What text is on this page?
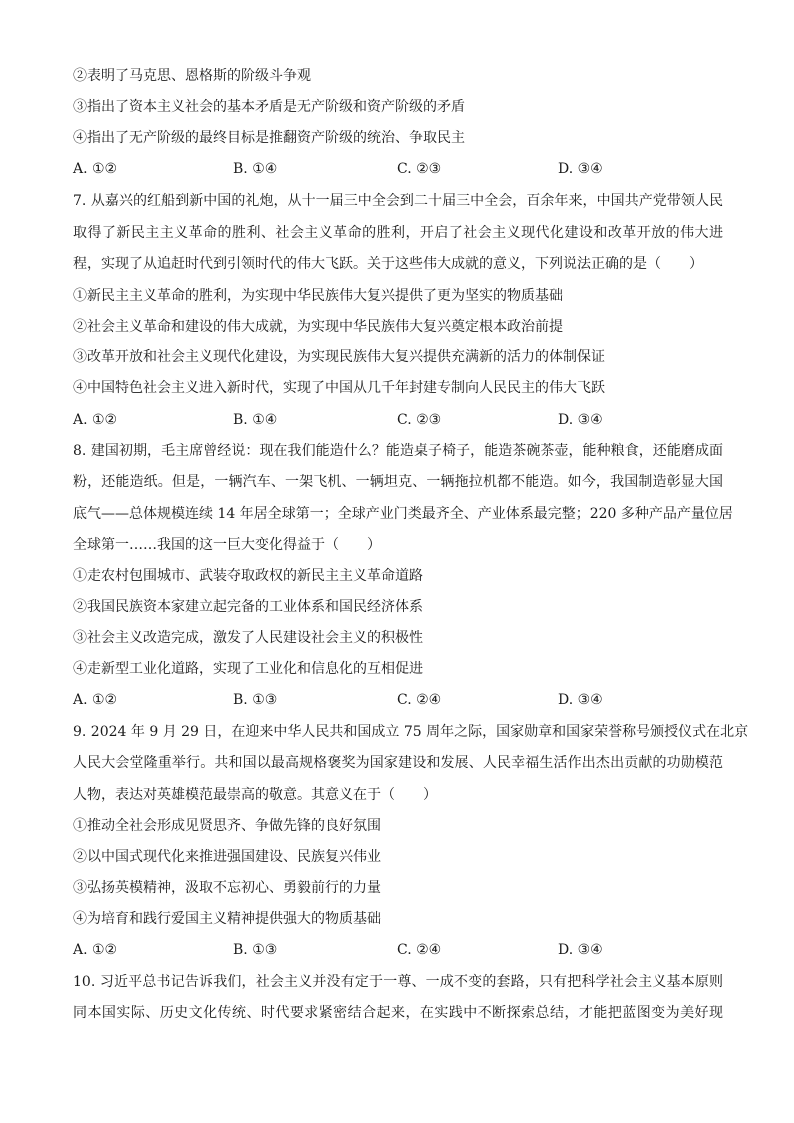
②表明了马克思、恩格斯的阶级斗争观
③指出了资本主义社会的基本矛盾是无产阶级和资产阶级的矛盾
④指出了无产阶级的最终目标是推翻资产阶级的统治、争取民主
A. ①②	B. ①④	C. ②③	D. ③④
7. 从嘉兴的红船到新中国的礼炮，从十一届三中全会到二十届三中全会，百余年来，中国共产党带领人民
取得了新民主主义革命的胜利、社会主义革命的胜利，开启了社会主义现代化建设和改革开放的伟大进
程，实现了从追赶时代到引领时代的伟大飞跃。关于这些伟大成就的意义，下列说法正确的是（　　）
①新民主主义革命的胜利，为实现中华民族伟大复兴提供了更为坚实的物质基础
②社会主义革命和建设的伟大成就，为实现中华民族伟大复兴奠定根本政治前提
③改革开放和社会主义现代化建设，为实现民族伟大复兴提供充满新的活力的体制保证
④中国特色社会主义进入新时代，实现了中国从几千年封建专制向人民民主的伟大飞跃
A. ①②	B. ①④	C. ②③	D. ③④
8. 建国初期，毛主席曾经说：现在我们能造什么？能造桌子椅子，能造茶碗茶壶，能种粮食，还能磨成面
粉，还能造纸。但是，一辆汽车、一架飞机、一辆坦克、一辆拖拉机都不能造。如今，我国制造彰显大国
底气——总体规模连续 14 年居全球第一；全球产业门类最齐全、产业体系最完整；220 多种产品产量位居
全球第一……我国的这一巨大变化得益于（　　）
①走农村包围城市、武装夺取政权的新民主主义革命道路
②我国民族资本家建立起完备的工业体系和国民经济体系
③社会主义改造完成，激发了人民建设社会主义的积极性
④走新型工业化道路，实现了工业化和信息化的互相促进
A. ①②	B. ①③	C. ②④	D. ③④
9. 2024 年 9 月 29 日，在迎来中华人民共和国成立 75 周年之际，国家勋章和国家荣誉称号颁授仪式在北京
人民大会堂隆重举行。共和国以最高规格褒奖为国家建设和发展、人民幸福生活作出杰出贡献的功勋模范
人物，表达对英雄模范最崇高的敬意。其意义在于（　　）
①推动全社会形成见贤思齐、争做先锋的良好氛围
②以中国式现代化来推进强国建设、民族复兴伟业
③弘扬英模精神，汲取不忘初心、勇毅前行的力量
④为培育和践行爱国主义精神提供强大的物质基础
A. ①②	B. ①③	C. ②④	D. ③④
10. 习近平总书记告诉我们，社会主义并没有定于一尊、一成不变的套路，只有把科学社会主义基本原则
同本国实际、历史文化传统、时代要求紧密结合起来，在实践中不断探索总结，才能把蓝图变为美好现
